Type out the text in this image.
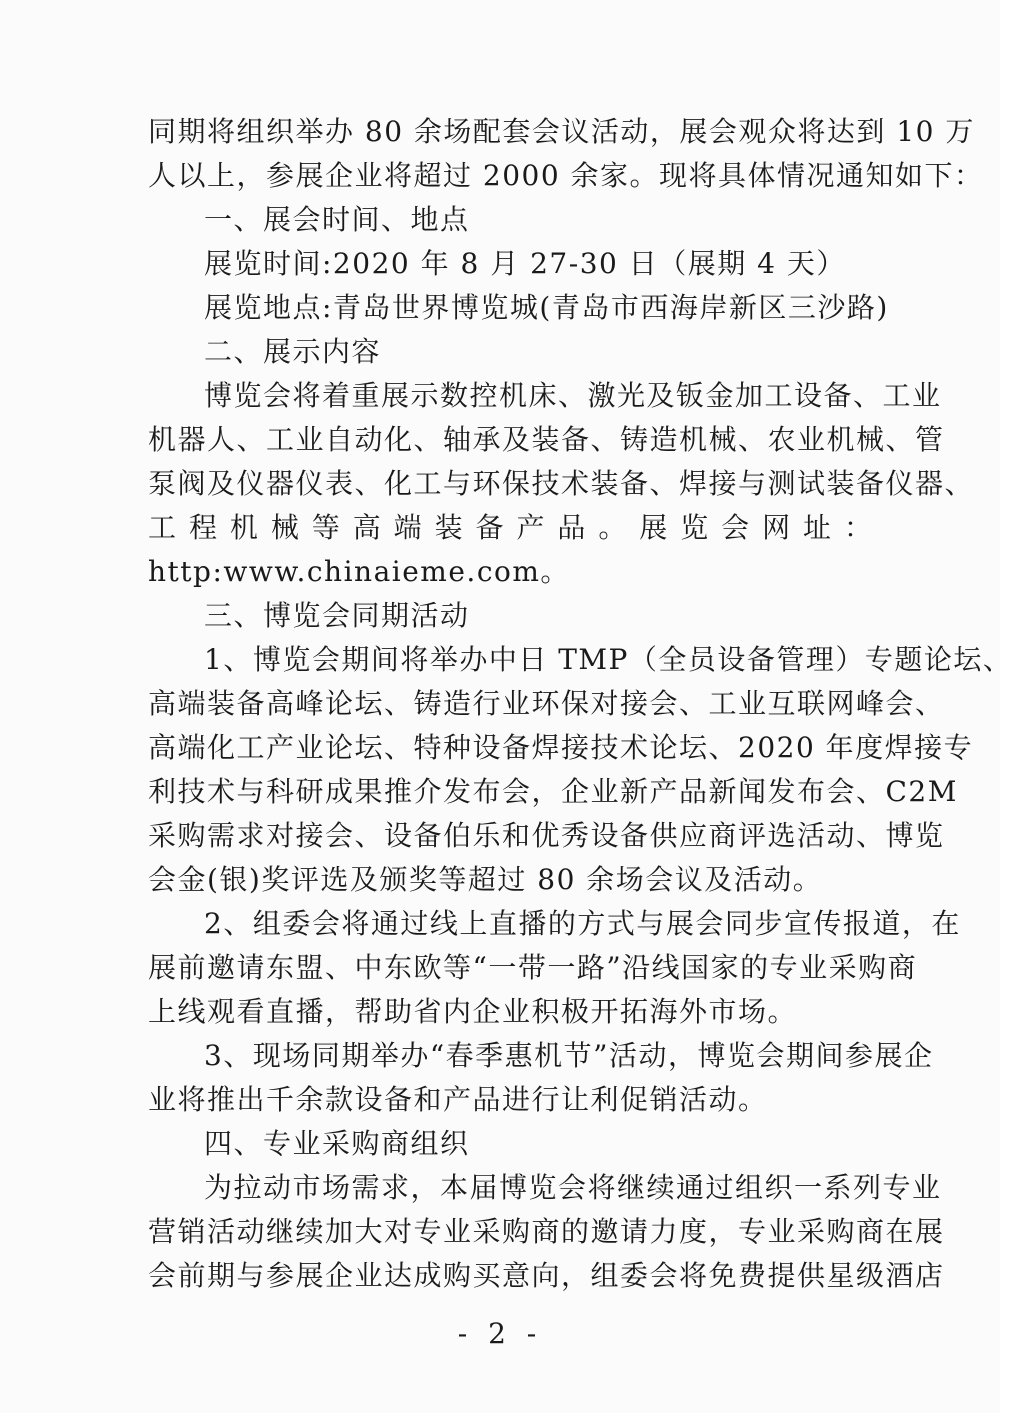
同期将组织举办 80 余场配套会议活动，展会观众将达到 10 万
人以上，参展企业将超过 2000 余家。现将具体情况通知如下：
一、展会时间、地点
展览时间:2020 年 8 月 27-30 日（展期 4 天）
展览地点:青岛世界博览城(青岛市西海岸新区三沙路)
二、展示内容
博览会将着重展示数控机床、激光及钣金加工设备、工业
机器人、工业自动化、轴承及装备、铸造机械、农业机械、管
泵阀及仪器仪表、化工与环保技术装备、焊接与测试装备仪器、
工 程 机 械 等 高 端 装 备 产 品 。 展 览 会 网 址 ：
http:www.chinaieme.com。
三、博览会同期活动
1、博览会期间将举办中日 TMP（全员设备管理）专题论坛、
高端装备高峰论坛、铸造行业环保对接会、工业互联网峰会、
高端化工产业论坛、特种设备焊接技术论坛、2020 年度焊接专
利技术与科研成果推介发布会，企业新产品新闻发布会、C2M
采购需求对接会、设备伯乐和优秀设备供应商评选活动、博览
会金(银)奖评选及颁奖等超过 80 余场会议及活动。
2、组委会将通过线上直播的方式与展会同步宣传报道，在
展前邀请东盟、中东欧等“一带一路”沿线国家的专业采购商
上线观看直播，帮助省内企业积极开拓海外市场。
3、现场同期举办“春季惠机节”活动，博览会期间参展企
业将推出千余款设备和产品进行让利促销活动。
四、专业采购商组织
为拉动市场需求，本届博览会将继续通过组织一系列专业
营销活动继续加大对专业采购商的邀请力度，专业采购商在展
会前期与参展企业达成购买意向，组委会将免费提供星级酒店
- 2 -
